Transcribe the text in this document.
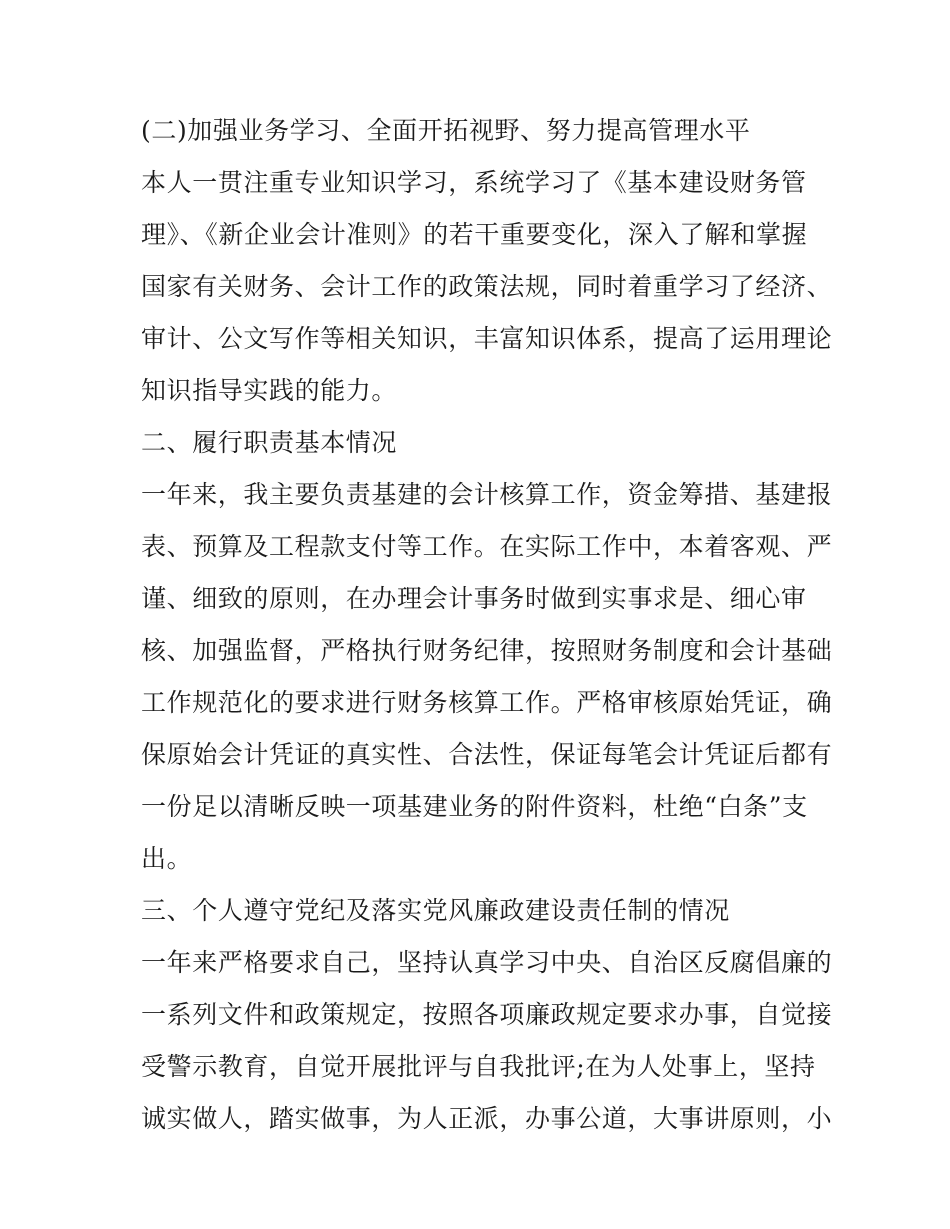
(二)加强业务学习、全面开拓视野、努力提高管理水平
本人一贯注重专业知识学习，系统学习了《基本建设财务管
理》、《新企业会计准则》的若干重要变化，深入了解和掌握
国家有关财务、会计工作的政策法规，同时着重学习了经济、
审计、公文写作等相关知识，丰富知识体系，提高了运用理论
知识指导实践的能力。
二、履行职责基本情况
一年来，我主要负责基建的会计核算工作，资金筹措、基建报
表、预算及工程款支付等工作。在实际工作中，本着客观、严
谨、细致的原则，在办理会计事务时做到实事求是、细心审
核、加强监督，严格执行财务纪律，按照财务制度和会计基础
工作规范化的要求进行财务核算工作。严格审核原始凭证，确
保原始会计凭证的真实性、合法性，保证每笔会计凭证后都有
一份足以清晰反映一项基建业务的附件资料，杜绝“白条”支
出。
三、个人遵守党纪及落实党风廉政建设责任制的情况
一年来严格要求自己，坚持认真学习中央、自治区反腐倡廉的
一系列文件和政策规定，按照各项廉政规定要求办事，自觉接
受警示教育，自觉开展批评与自我批评;在为人处事上，坚持
诚实做人，踏实做事，为人正派，办事公道，大事讲原则，小
